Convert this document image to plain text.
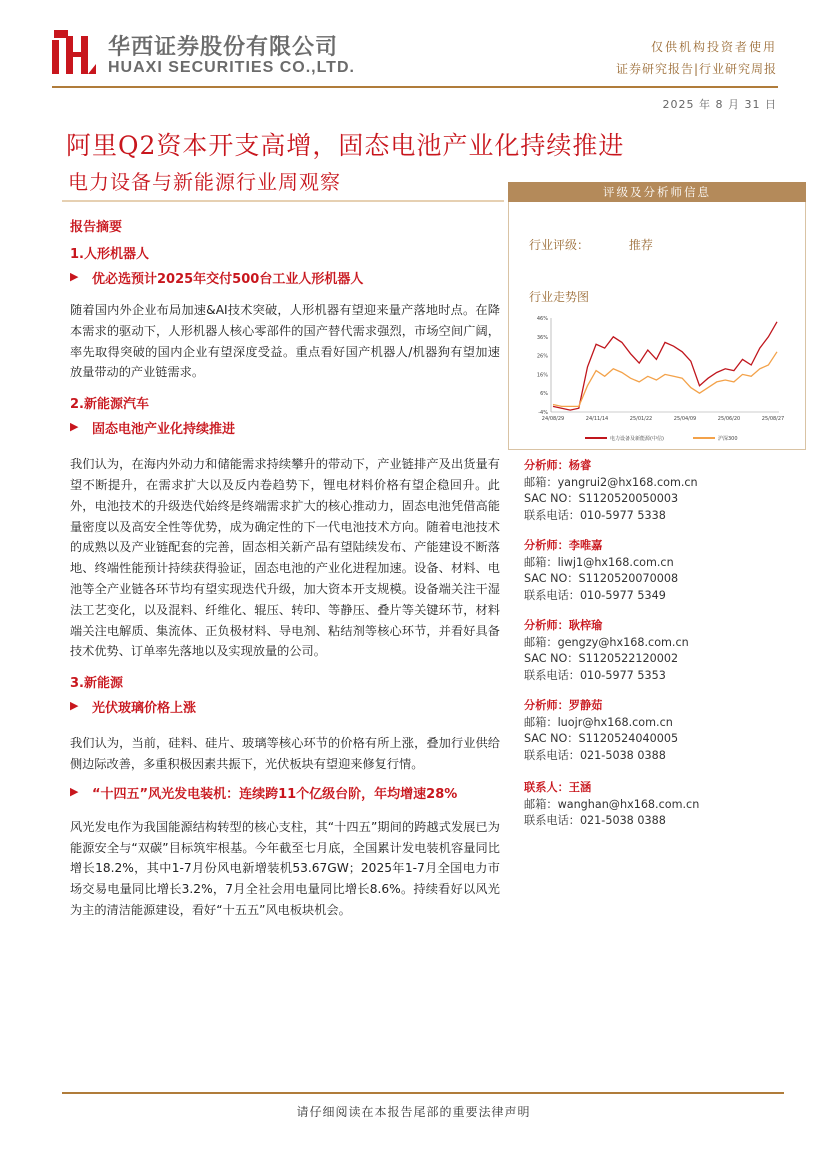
华西证券股份有限公司
HUAXI SECURITIES CO.,LTD.
仅供机构投资者使用
证券研究报告|行业研究周报
2025 年 8 月 31 日
阿里Q2资本开支高增，固态电池产业化持续推进
电力设备与新能源行业周观察
报告摘要
1.人形机器人
▶	优必选预计2025年交付500台工业人形机器人

随着国内外企业布局加速&AI技术突破，人形机器有望迎来量产落地时点。在降本需求的驱动下，人形机器人核心零部件的国产替代需求强烈，市场空间广阔，率先取得突破的国内企业有望深度受益。重点看好国产机器人/机器狗有望加速放量带动的产业链需求。

2.新能源汽车
▶	固态电池产业化持续推进

我们认为，在海内外动力和储能需求持续攀升的带动下，产业链排产及出货量有望不断提升，在需求扩大以及反内卷趋势下，锂电材料价格有望企稳回升。此外，电池技术的升级迭代始终是终端需求扩大的核心推动力，固态电池凭借高能量密度以及高安全性等优势，成为确定性的下一代电池技术方向。随着电池技术的成熟以及产业链配套的完善，固态相关新产品有望陆续发布、产能建设不断落地、终端性能预计持续获得验证，固态电池的产业化进程加速。设备、材料、电池等全产业链各环节均有望实现迭代升级，加大资本开支规模。设备端关注干湿法工艺变化，以及混料、纤维化、辊压、转印、等静压、叠片等关键环节，材料端关注电解质、集流体、正负极材料、导电剂、粘结剂等核心环节，并看好具备技术优势、订单率先落地以及实现放量的公司。

3.新能源
▶	光伏玻璃价格上涨

我们认为，当前，硅料、硅片、玻璃等核心环节的价格有所上涨，叠加行业供给侧边际改善，多重积极因素共振下，光伏板块有望迎来修复行情。

▶	“十四五”风光发电装机：连续跨11个亿级台阶，年均增速28%

风光发电作为我国能源结构转型的核心支柱，其“十四五”期间的跨越式发展已为能源安全与“双碳”目标筑牢根基。今年截至七月底，全国累计发电装机容量同比增长18.2%，其中1-7月份风电新增装机53.67GW；2025年1-7月全国电力市场交易电量同比增长3.2%，7月全社会用电量同比增长8.6%。持续看好以风光为主的清洁能源建设，看好“十五五”风电板块机会。

评级及分析师信息
行业评级：	推荐
行业走势图
-4%
6%
16%
26%
36%
46%
24/08/29	24/11/14	25/01/22	25/04/09	25/06/20	25/08/27
电力设备及新能源(中信)	沪深300
分析师：杨睿
邮箱：yangrui2@hx168.com.cn
SAC NO：S1120520050003
联系电话：010-5977 5338
分析师：李唯嘉
邮箱：liwj1@hx168.com.cn
SAC NO：S1120520070008
联系电话：010-5977 5349
分析师：耿梓瑜
邮箱：gengzy@hx168.com.cn
SAC NO：S1120522120002
联系电话：010-5977 5353
分析师：罗静茹
邮箱：luojr@hx168.com.cn
SAC NO：S1120524040005
联系电话：021-5038 0388
联系人：王涵
邮箱：wanghan@hx168.com.cn
联系电话：021-5038 0388
请仔细阅读在本报告尾部的重要法律声明
